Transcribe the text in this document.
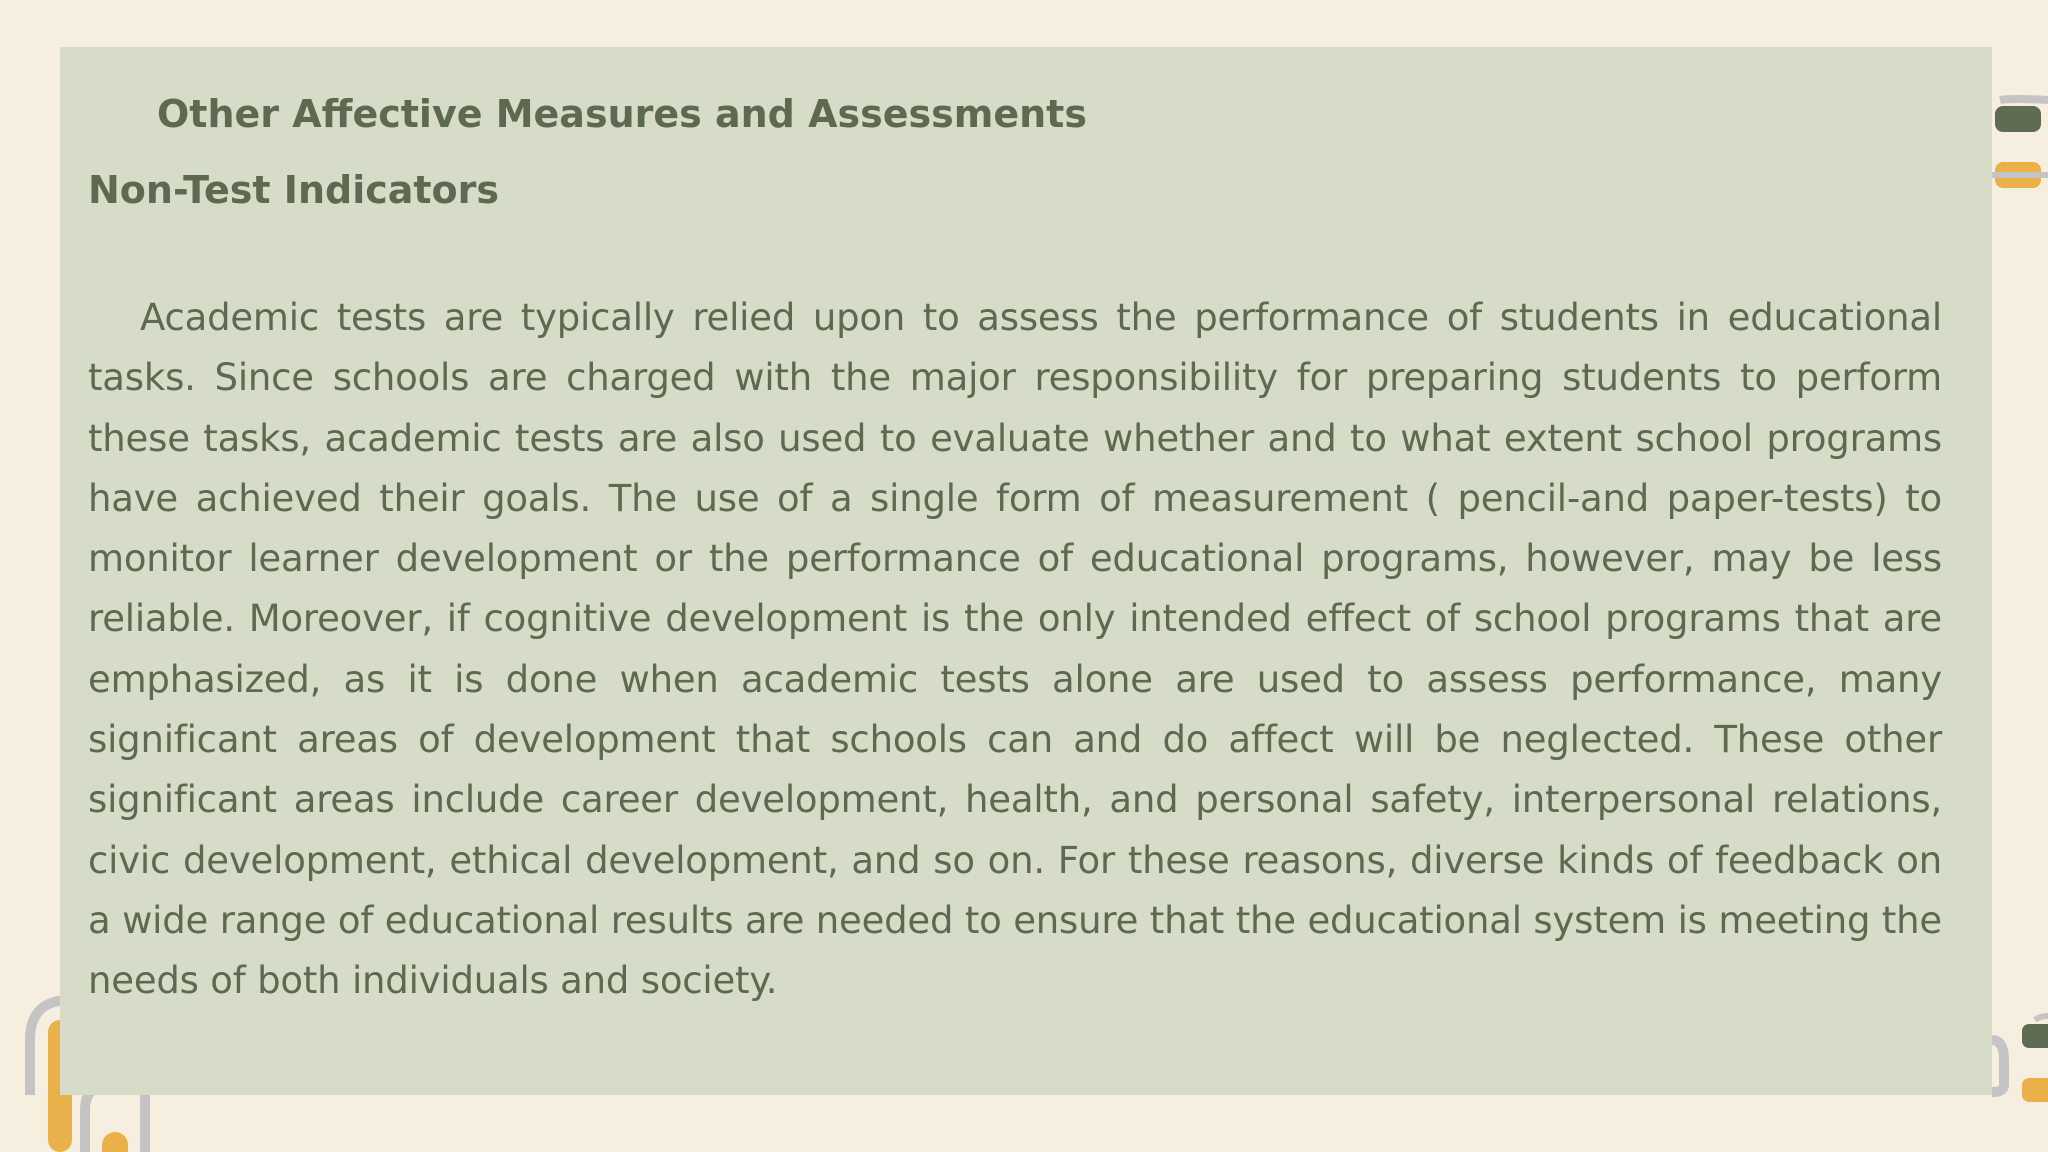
Other Affective Measures and Assessments
Non-Test Indicators

Academic tests are typically relied upon to assess the performance of students in educational tasks. Since schools are charged with the major responsibility for preparing students to perform these tasks, academic tests are also used to evaluate whether and to what extent school programs have achieved their goals. The use of a single form of measurement ( pencil-and paper-tests) to monitor learner development or the performance of educational programs, however, may be less reliable. Moreover, if cognitive development is the only intended effect of school programs that are emphasized, as it is done when academic tests alone are used to assess performance, many significant areas of development that schools can and do affect will be neglected. These other significant areas include career development, health, and personal safety, interpersonal relations, civic development, ethical development, and so on. For these reasons, diverse kinds of feedback on a wide range of educational results are needed to ensure that the educational system is meeting the needs of both individuals and society.
